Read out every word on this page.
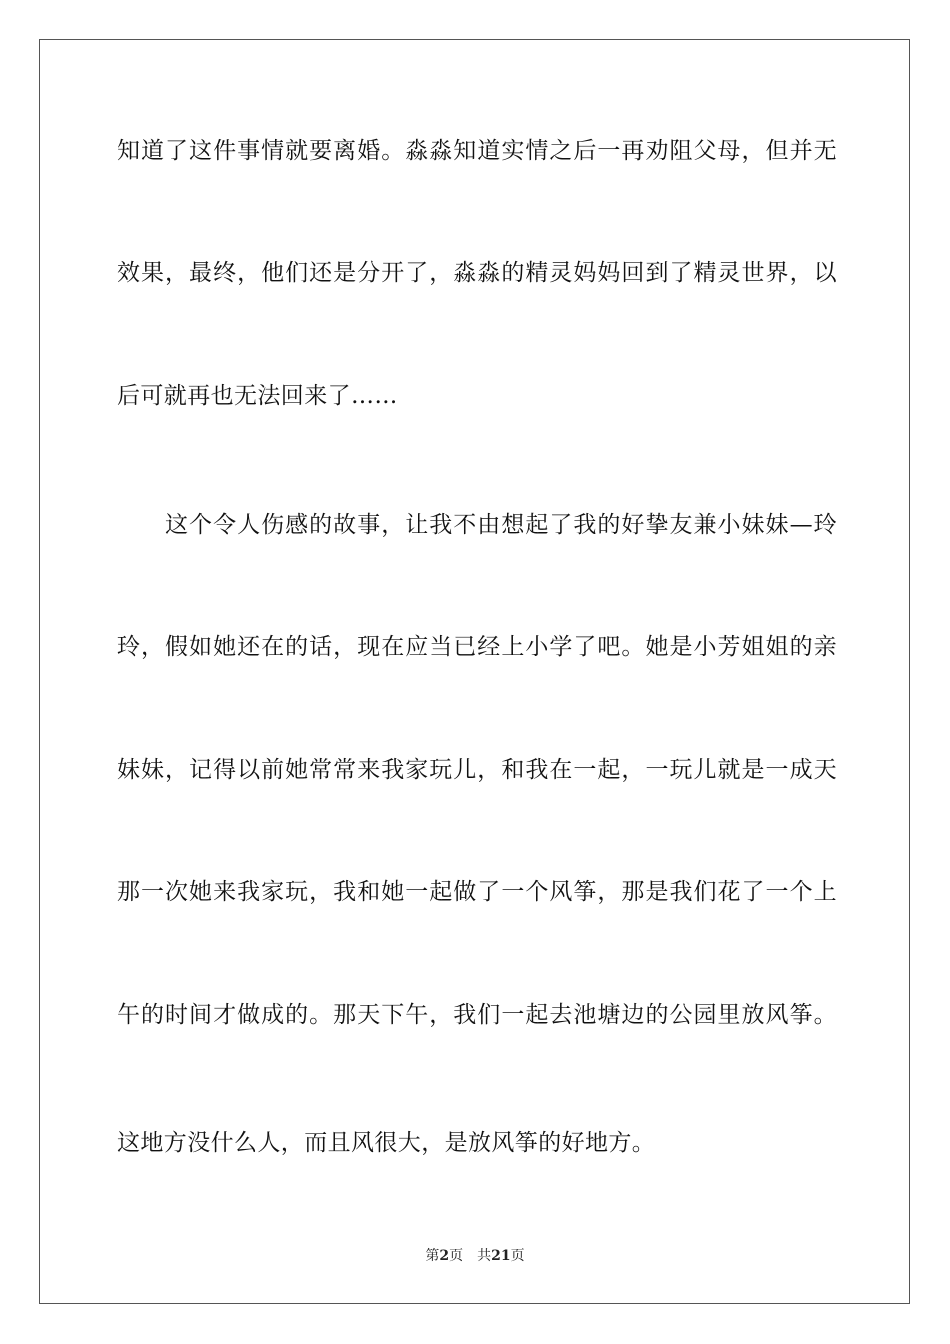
知道了这件事情就要离婚。淼淼知道实情之后一再劝阻父母，但并无
效果，最终，他们还是分开了，淼淼的精灵妈妈回到了精灵世界，以
后可就再也无法回来了……
　　这个令人伤感的故事，让我不由想起了我的好挚友兼小妹妹—玲
玲，假如她还在的话，现在应当已经上小学了吧。她是小芳姐姐的亲
妹妹，记得以前她常常来我家玩儿，和我在一起，一玩儿就是一成天
那一次她来我家玩，我和她一起做了一个风筝，那是我们花了一个上
午的时间才做成的。那天下午，我们一起去池塘边的公园里放风筝。
这地方没什么人，而且风很大，是放风筝的好地方。
第2页 共21页
